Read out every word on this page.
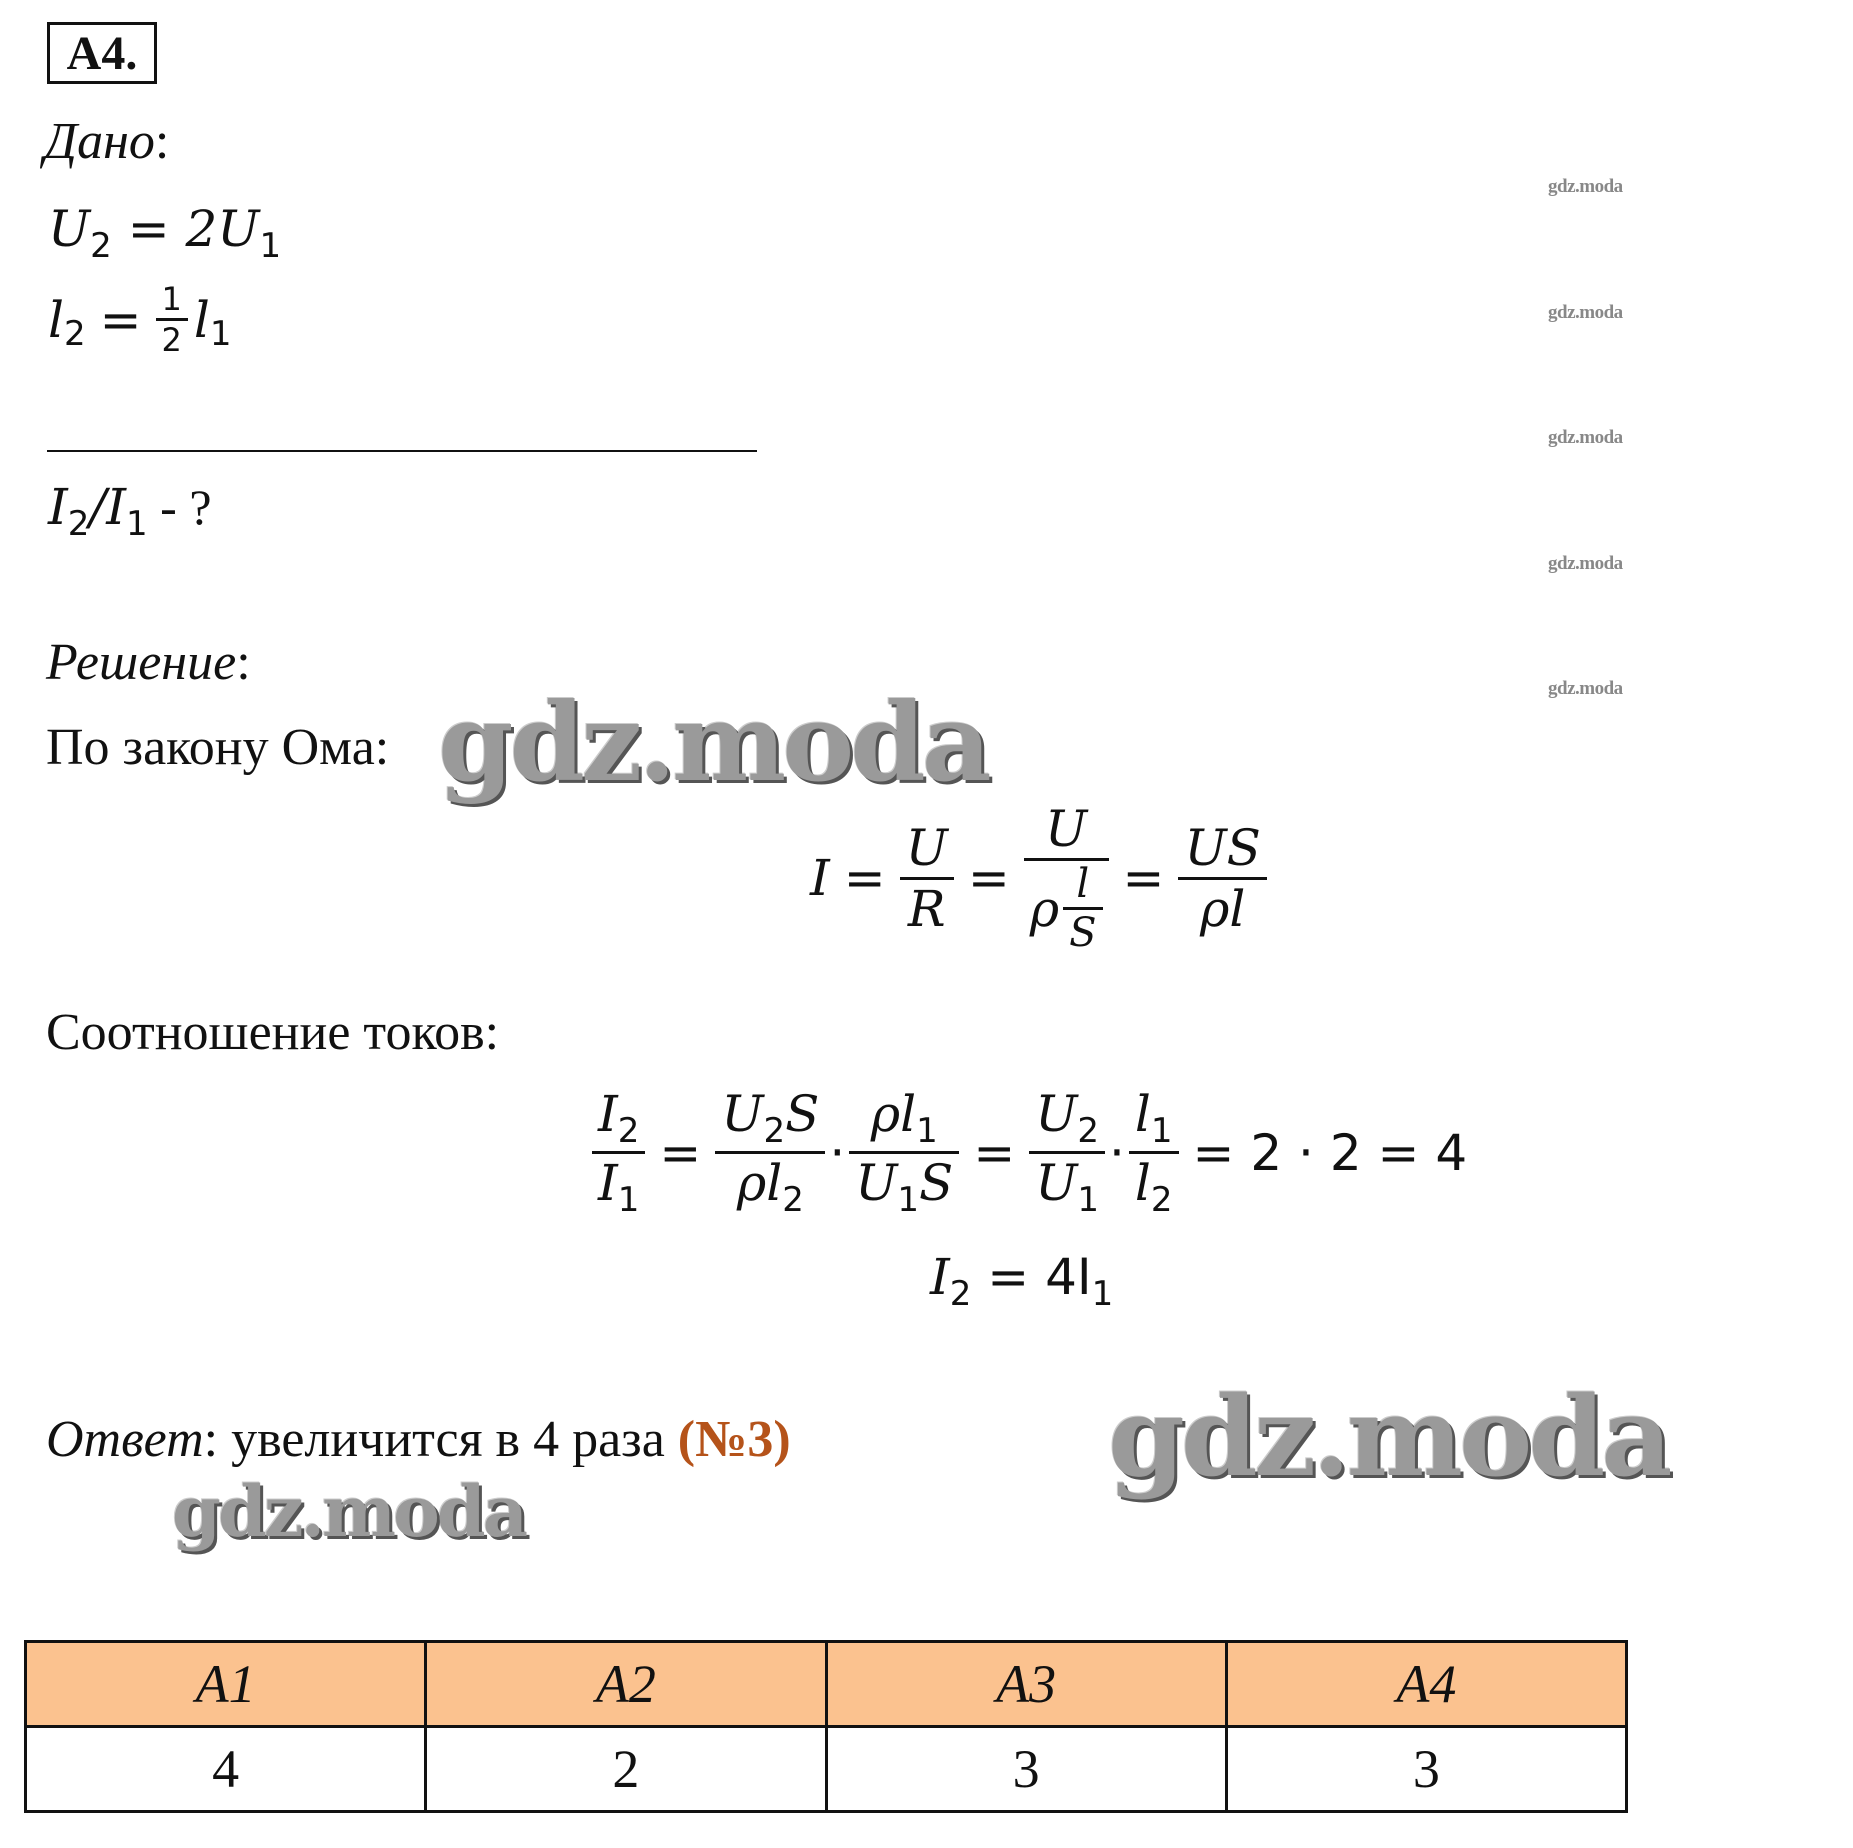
A4.
Дано:
$U_2 = 2U_1$
$l_2 = \frac{1}{2} l_1$
$I_2/I_1$ - ?
gdz.moda
gdz.moda
gdz.moda
gdz.moda
gdz.moda
Решение:
По закону Ома: gdz.moda
$I = \frac{U}{R} = \frac{U}{\rho \frac{l}{S}} = \frac{US}{\rho l}$
Соотношение токов:
$\frac{I_2}{I_1} = \frac{U_2S}{\rho l_2} \cdot \frac{\rho l_1}{U_1S} = \frac{U_2}{U_1} \cdot \frac{l_1}{l_2} = 2 \cdot 2 = 4$
$I_2 = 4I_1$
Ответ: увеличится в 4 раза (№3)	gdz.moda
gdz.moda
A1	A2	A3	A4
4	2	3	3
